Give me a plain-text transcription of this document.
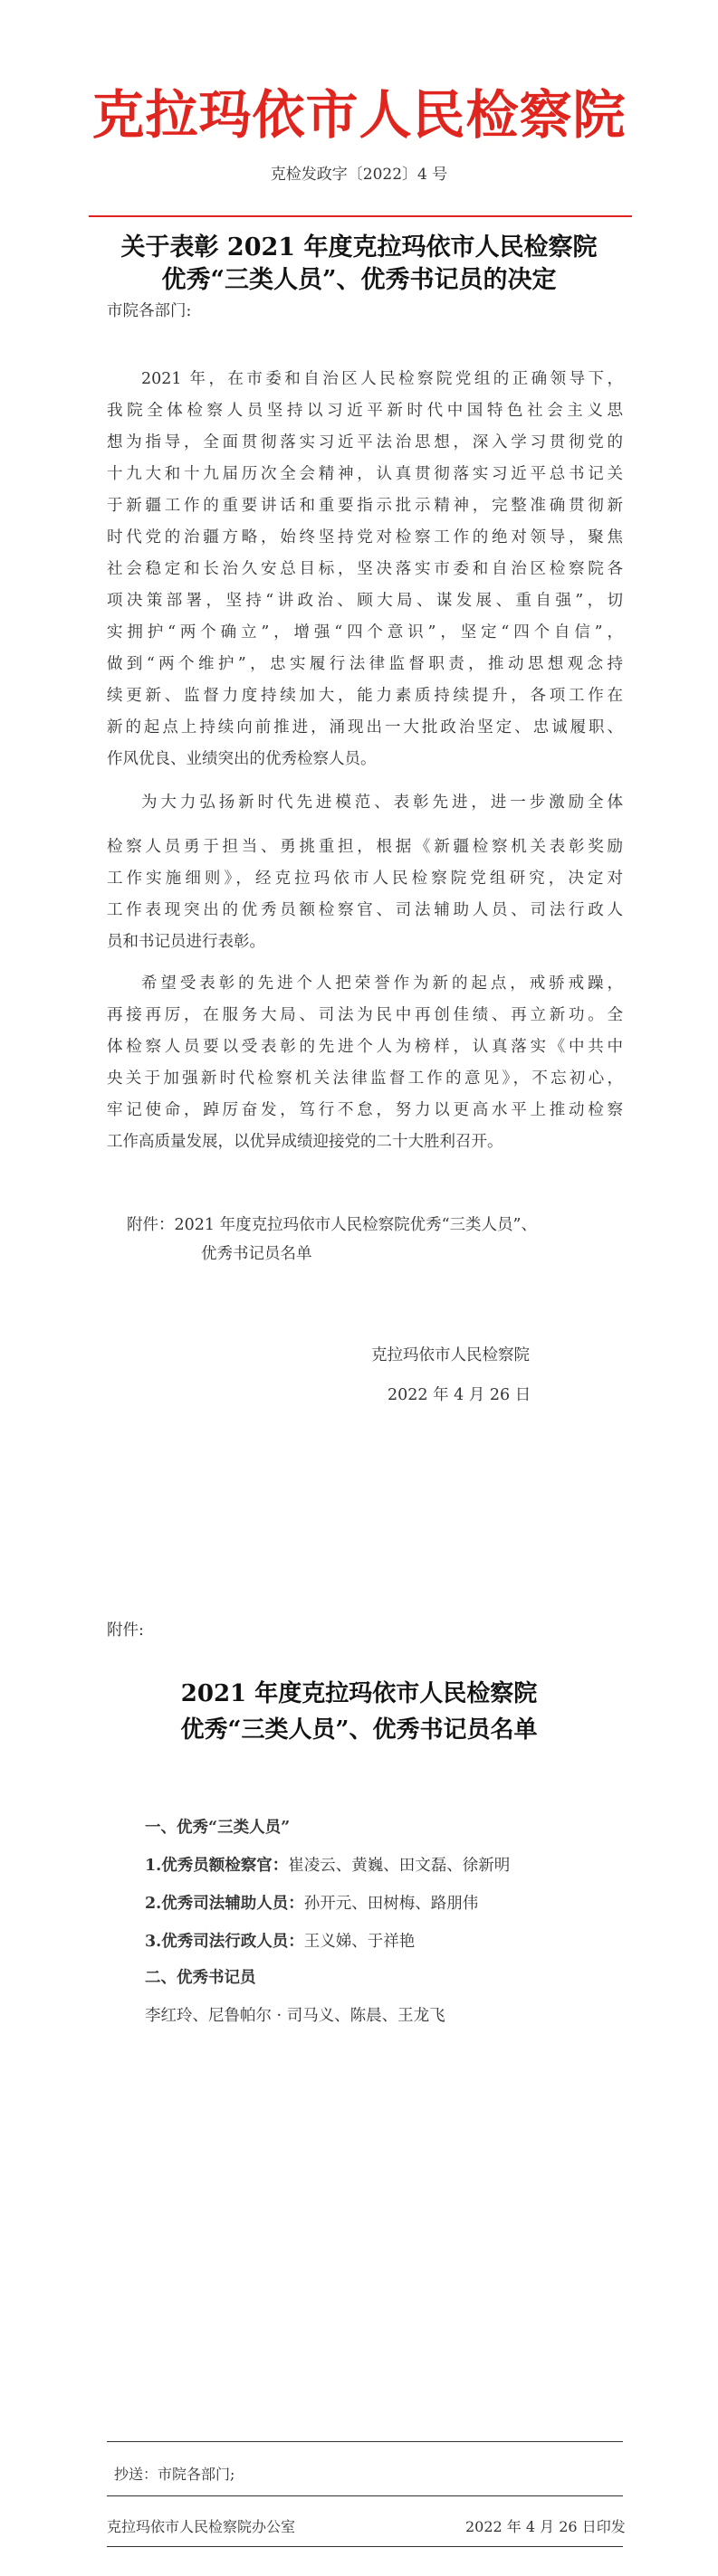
克拉玛依市人民检察院
克检发政字〔2022〕4 号
关于表彰 2021 年度克拉玛依市人民检察院
优秀“三类人员”、优秀书记员的决定
市院各部门:
2021 年，在市委和自治区人民检察院党组的正确领导下，
我院全体检察人员坚持以习近平新时代中国特色社会主义思
想为指导，全面贯彻落实习近平法治思想，深入学习贯彻党的
十九大和十九届历次全会精神，认真贯彻落实习近平总书记关
于新疆工作的重要讲话和重要指示批示精神，完整准确贯彻新
时代党的治疆方略，始终坚持党对检察工作的绝对领导，聚焦
社会稳定和长治久安总目标，坚决落实市委和自治区检察院各
项决策部署，坚持“讲政治、顾大局、谋发展、重自强”，切
实拥护“两个确立”，增强“四个意识”，坚定“四个自信”，
做到“两个维护”，忠实履行法律监督职责，推动思想观念持
续更新、监督力度持续加大，能力素质持续提升，各项工作在
新的起点上持续向前推进，涌现出一大批政治坚定、忠诚履职、
作风优良、业绩突出的优秀检察人员。
为大力弘扬新时代先进模范、表彰先进，进一步激励全体
检察人员勇于担当、勇挑重担，根据《新疆检察机关表彰奖励
工作实施细则》，经克拉玛依市人民检察院党组研究，决定对
工作表现突出的优秀员额检察官、司法辅助人员、司法行政人
员和书记员进行表彰。
希望受表彰的先进个人把荣誉作为新的起点，戒骄戒躁，
再接再厉，在服务大局、司法为民中再创佳绩、再立新功。全
体检察人员要以受表彰的先进个人为榜样，认真落实《中共中
央关于加强新时代检察机关法律监督工作的意见》，不忘初心，
牢记使命，踔厉奋发，笃行不怠，努力以更高水平上推动检察
工作高质量发展，以优异成绩迎接党的二十大胜利召开。
附件：2021 年度克拉玛依市人民检察院优秀“三类人员”、
优秀书记员名单
克拉玛依市人民检察院
2022 年 4 月 26 日
附件:
2021 年度克拉玛依市人民检察院
优秀“三类人员”、优秀书记员名单
一、优秀“三类人员”
1.优秀员额检察官：崔凌云、黄巍、田文磊、徐新明
2.优秀司法辅助人员：孙开元、田树梅、路朋伟
3.优秀司法行政人员：王义娣、于祥艳
二、优秀书记员
李红玲、尼鲁帕尔 · 司马义、陈晨、王龙飞
抄送：市院各部门;
克拉玛依市人民检察院办公室	2022 年 4 月 26 日印发
